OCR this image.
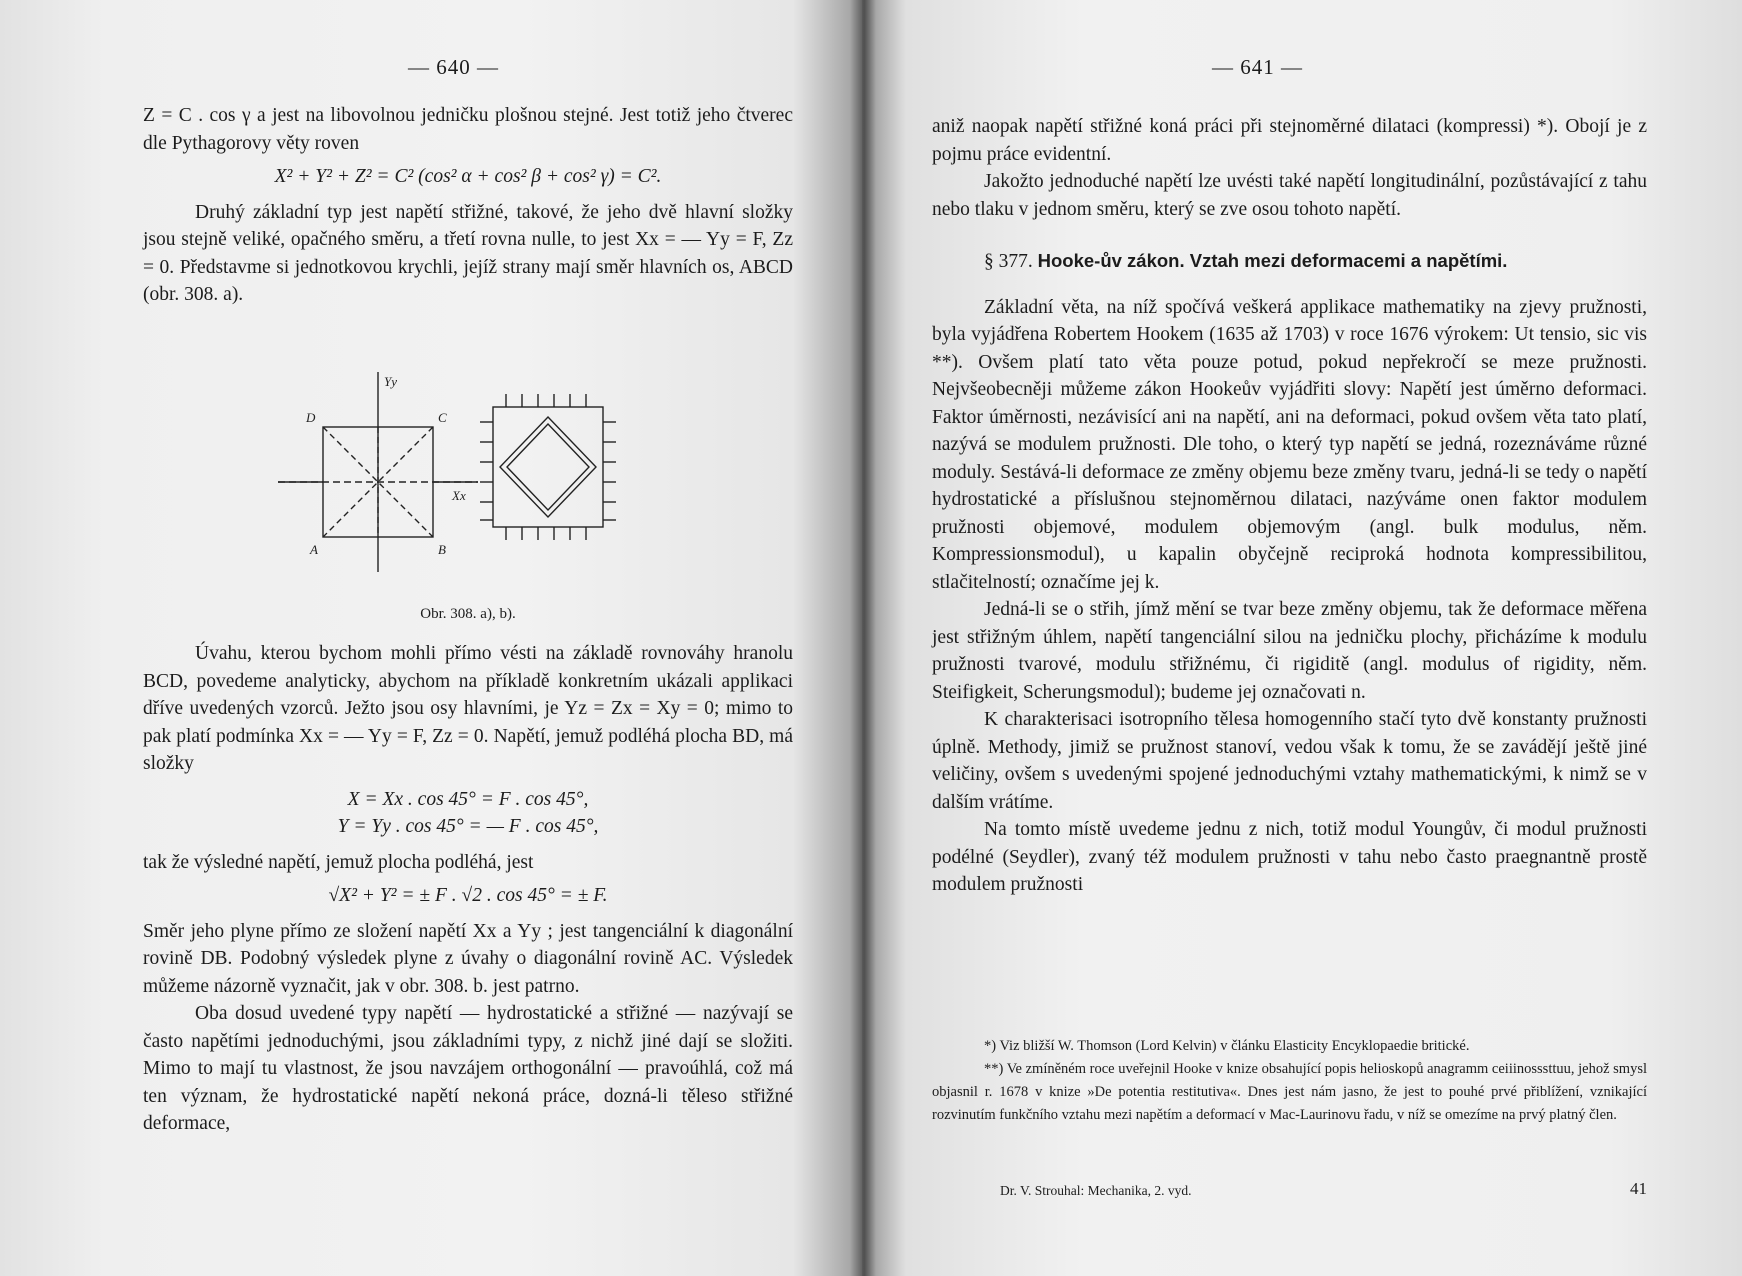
— 640 —

Z = C . cos γ a jest na libovolnou jedničku plošnou stejné. Jest totiž jeho čtverec dle Pythagorovy věty roven

X² + Y² + Z² = C² (cos² α + cos² β + cos² γ) = C².

Druhý základní typ jest napětí střižné, takové, že jeho dvě hlavní složky jsou stejně veliké, opačného směru, a třetí rovna nulle, to jest Xx = — Yy = F, Zz = 0. Představme si jednotkovou krychli, jejíž strany mají směr hlavních os, ABCD (obr. 308. a).

Yy
D	C
Xx
A	B
Obr. 308. a), b).

Úvahu, kterou bychom mohli přímo vésti na základě rovnováhy hranolu BCD, povedeme analyticky, abychom na příkladě konkretním ukázali applikaci dříve uvedených vzorců. Ježto jsou osy hlavními, je Yz = Zx = Xy = 0; mimo to pak platí podmínka Xx = — Yy = F, Zz = 0. Napětí, jemuž podléhá plocha BD, má složky

X = Xx . cos 45° = F . cos 45°,

Y = Yy . cos 45° = — F . cos 45°,

tak že výsledné napětí, jemuž plocha podléhá, jest

√X² + Y² = ± F . √2 . cos 45° = ± F.

Směr jeho plyne přímo ze složení napětí Xx a Yy ; jest tangenciální k diagonální rovině DB. Podobný výsledek plyne z úvahy o diagonální rovině AC. Výsledek můžeme názorně vyznačit, jak v obr. 308. b. jest patrno.

Oba dosud uvedené typy napětí — hydrostatické a střižné — nazývají se často napětími jednoduchými, jsou základními typy, z nichž jiné dají se složiti. Mimo to mají tu vlastnost, že jsou navzájem orthogonální — pravoúhlá, což má ten význam, že hydrostatické napětí nekoná práce, dozná-li těleso střižné deformace,

— 641 —

aniž naopak napětí střižné koná práci při stejnoměrné dilataci (kompressi) *). Obojí je z pojmu práce evidentní.

Jakožto jednoduché napětí lze uvésti také napětí longitudinální, pozůstávající z tahu nebo tlaku v jednom směru, který se zve osou tohoto napětí.

§ 377. Hooke-ův zákon. Vztah mezi deformacemi a napětími.

Základní věta, na níž spočívá veškerá applikace mathematiky na zjevy pružnosti, byla vyjádřena Robertem Hookem (1635 až 1703) v roce 1676 výrokem: Ut tensio, sic vis **). Ovšem platí tato věta pouze potud, pokud nepřekročí se meze pružnosti. Nejvšeobecněji můžeme zákon Hookeův vyjádřiti slovy: Napětí jest úměrno deformaci. Faktor úměrnosti, nezávisící ani na napětí, ani na deformaci, pokud ovšem věta tato platí, nazývá se modulem pružnosti. Dle toho, o který typ napětí se jedná, rozeznáváme různé moduly. Sestává-li deformace ze změny objemu beze změny tvaru, jedná-li se tedy o napětí hydrostatické a příslušnou stejnoměrnou dilataci, nazýváme onen faktor modulem pružnosti objemové, modulem objemovým (angl. bulk modulus, něm. Kompressionsmodul), u kapalin obyčejně reciproká hodnota kompressibilitou, stlačitelností; označíme jej k.

Jedná-li se o střih, jímž mění se tvar beze změny objemu, tak že deformace měřena jest střižným úhlem, napětí tangenciální silou na jedničku plochy, přicházíme k modulu pružnosti tvarové, modulu střižnému, či rigiditě (angl. modulus of rigidity, něm. Steifigkeit, Scherungsmodul); budeme jej označovati n.

K charakterisaci isotropního tělesa homogenního stačí tyto dvě konstanty pružnosti úplně. Methody, jimiž se pružnost stanoví, vedou však k tomu, že se zavádějí ještě jiné veličiny, ovšem s uvedenými spojené jednoduchými vztahy mathematickými, k nimž se v dalším vrátíme.

Na tomto místě uvedeme jednu z nich, totiž modul Youngův, či modul pružnosti podélné (Seydler), zvaný též modulem pružnosti v tahu nebo často praegnantně prostě modulem pružnosti

*) Viz bližší W. Thomson (Lord Kelvin) v článku Elasticity Encyklopaedie britické.

**) Ve zmíněném roce uveřejnil Hooke v knize obsahující popis helioskopů anagramm ceiiinosssttuu, jehož smysl objasnil r. 1678 v knize »De potentia restitutiva«. Dnes jest nám jasno, že jest to pouhé prvé přiblížení, vznikající rozvinutím funkčního vztahu mezi napětím a deformací v Mac-Laurinovu řadu, v níž se omezíme na prvý platný člen.

Dr. V. Strouhal: Mechanika, 2. vyd.	41
